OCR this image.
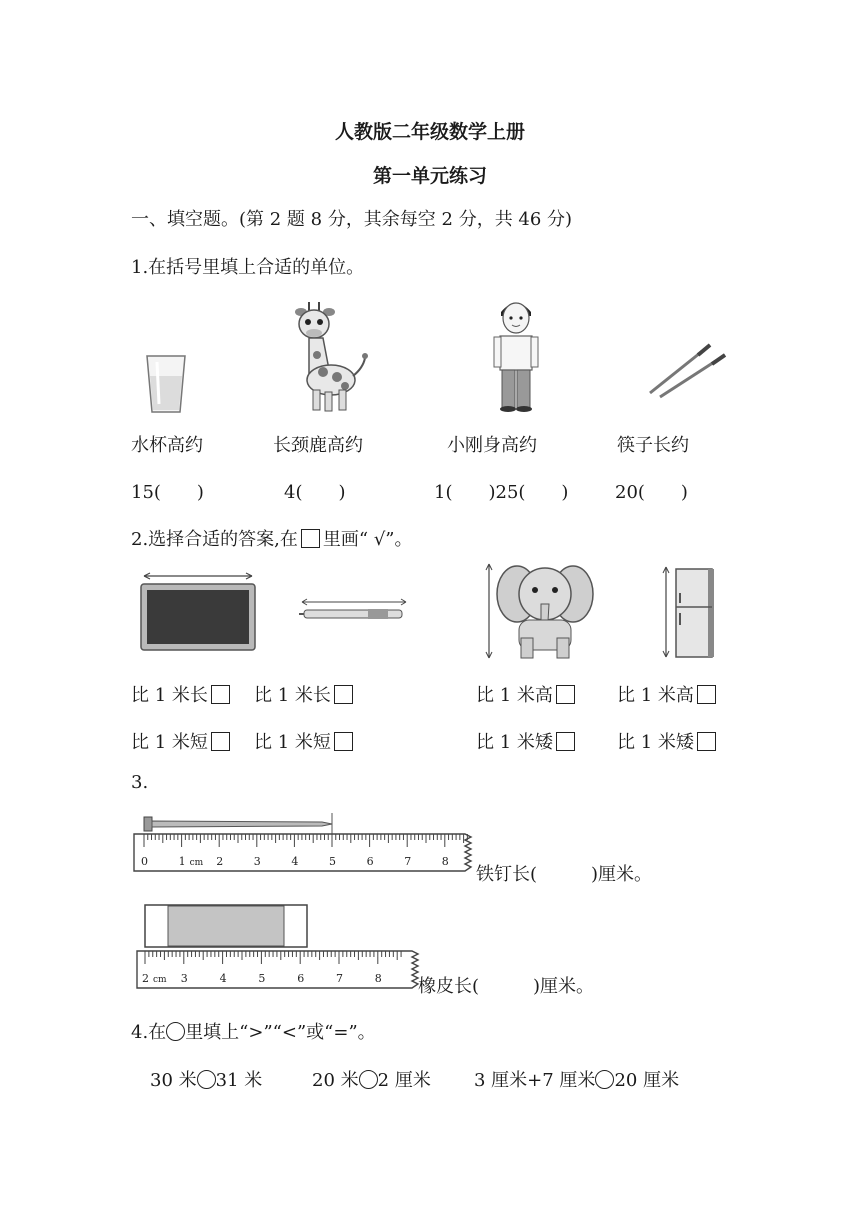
人教版二年级数学上册
第一单元练习
一、填空题。(第 2 题 8 分，其余每空 2 分，共 46 分)
1.在括号里填上合适的单位。
水杯高约	长颈鹿高约	小刚身高约	筷子长约
15(　　)	4(　　)	1(　　)25(　　)	20(　　)
2.选择合适的答案,在 里画“ √”。
比 1 米长	比 1 米长	比 1 米高	比 1 米高
比 1 米短	比 1 米短	比 1 米矮	比 1 米矮
3.
0	1	2	3	4	5	6	7	8
cm
铁钉长(　　　)厘米。
2	3	4	5	6	7	8
cm	橡皮长(　　　)厘米。
4.在 里填上“>”“<”或“=”。
30 米 31 米	20 米 2 厘米 3 厘米+7 厘米 20 厘米
